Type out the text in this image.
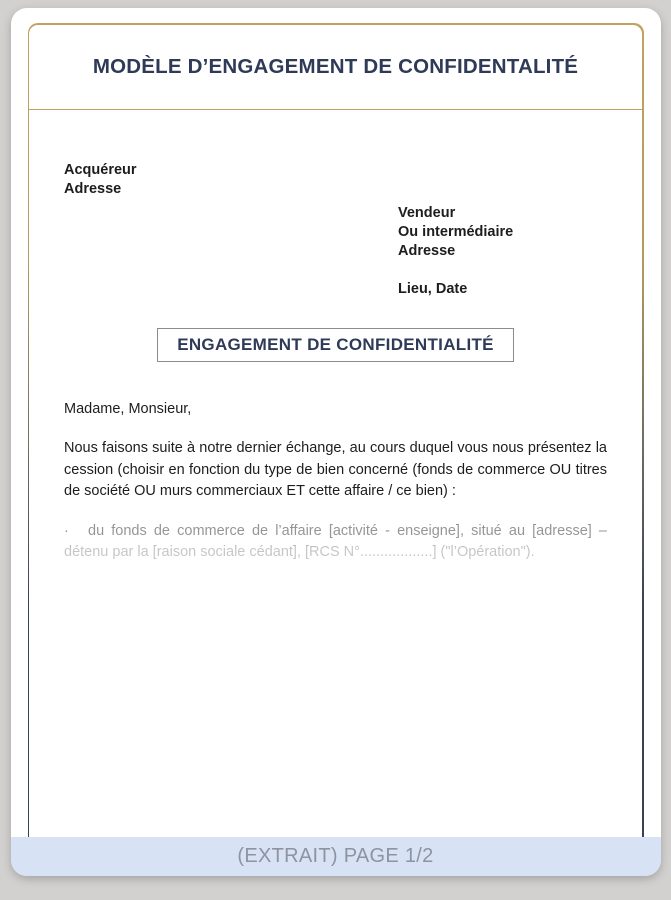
MODÈLE D’ENGAGEMENT DE CONFIDENTALITÉ
Acquéreur
Adresse
Vendeur
Ou intermédiaire
Adresse
Lieu, Date
ENGAGEMENT DE CONFIDENTIALITÉ

Madame, Monsieur,

Nous faisons suite à notre dernier échange, au cours duquel vous nous présentez la cession (choisir en fonction du type de bien concerné (fonds de commerce OU titres de société OU murs commerciaux ET cette affaire / ce bien) :

· du fonds de commerce de l’affaire [activité - enseigne], situé au [adresse] – détenu par la [raison sociale cédant], [RCS N°..................] ("l’Opération").

(EXTRAIT) PAGE 1/2
